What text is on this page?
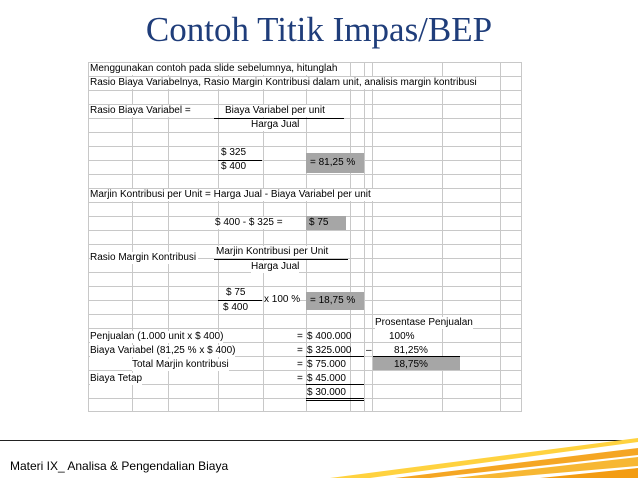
Contoh Titik Impas/BEP
Menggunakan contoh pada slide sebelumnya, hitunglah
Rasio Biaya Variabelnya, Rasio Margin Kontribusi dalam unit, analisis margin kontribusi
Rasio Biaya Variabel =	Biaya Variabel per unit
Harga Jual
$ 325
$ 400	= 81,25 %
Marjin Kontribusi per Unit = Harga Jual - Biaya Variabel per unit
$ 400 - $ 325 =	$ 75
Rasio Margin Kontribusi
Marjin Kontribusi per Unit
Harga Jual
$ 75
$ 400
x 100 % = 18,75 %
Prosentase Penjualan
Penjualan (1.000 unit x $ 400)	= $ 400.000	100%
Biaya Variabel (81,25 % x $ 400)	= $ 325.000 – 81,25%
Total Marjin kontribusi	= $ 75.000	18,75%
Biaya Tetap	= $ 45.000
$ 30.000
Materi IX_ Analisa & Pengendalian Biaya
